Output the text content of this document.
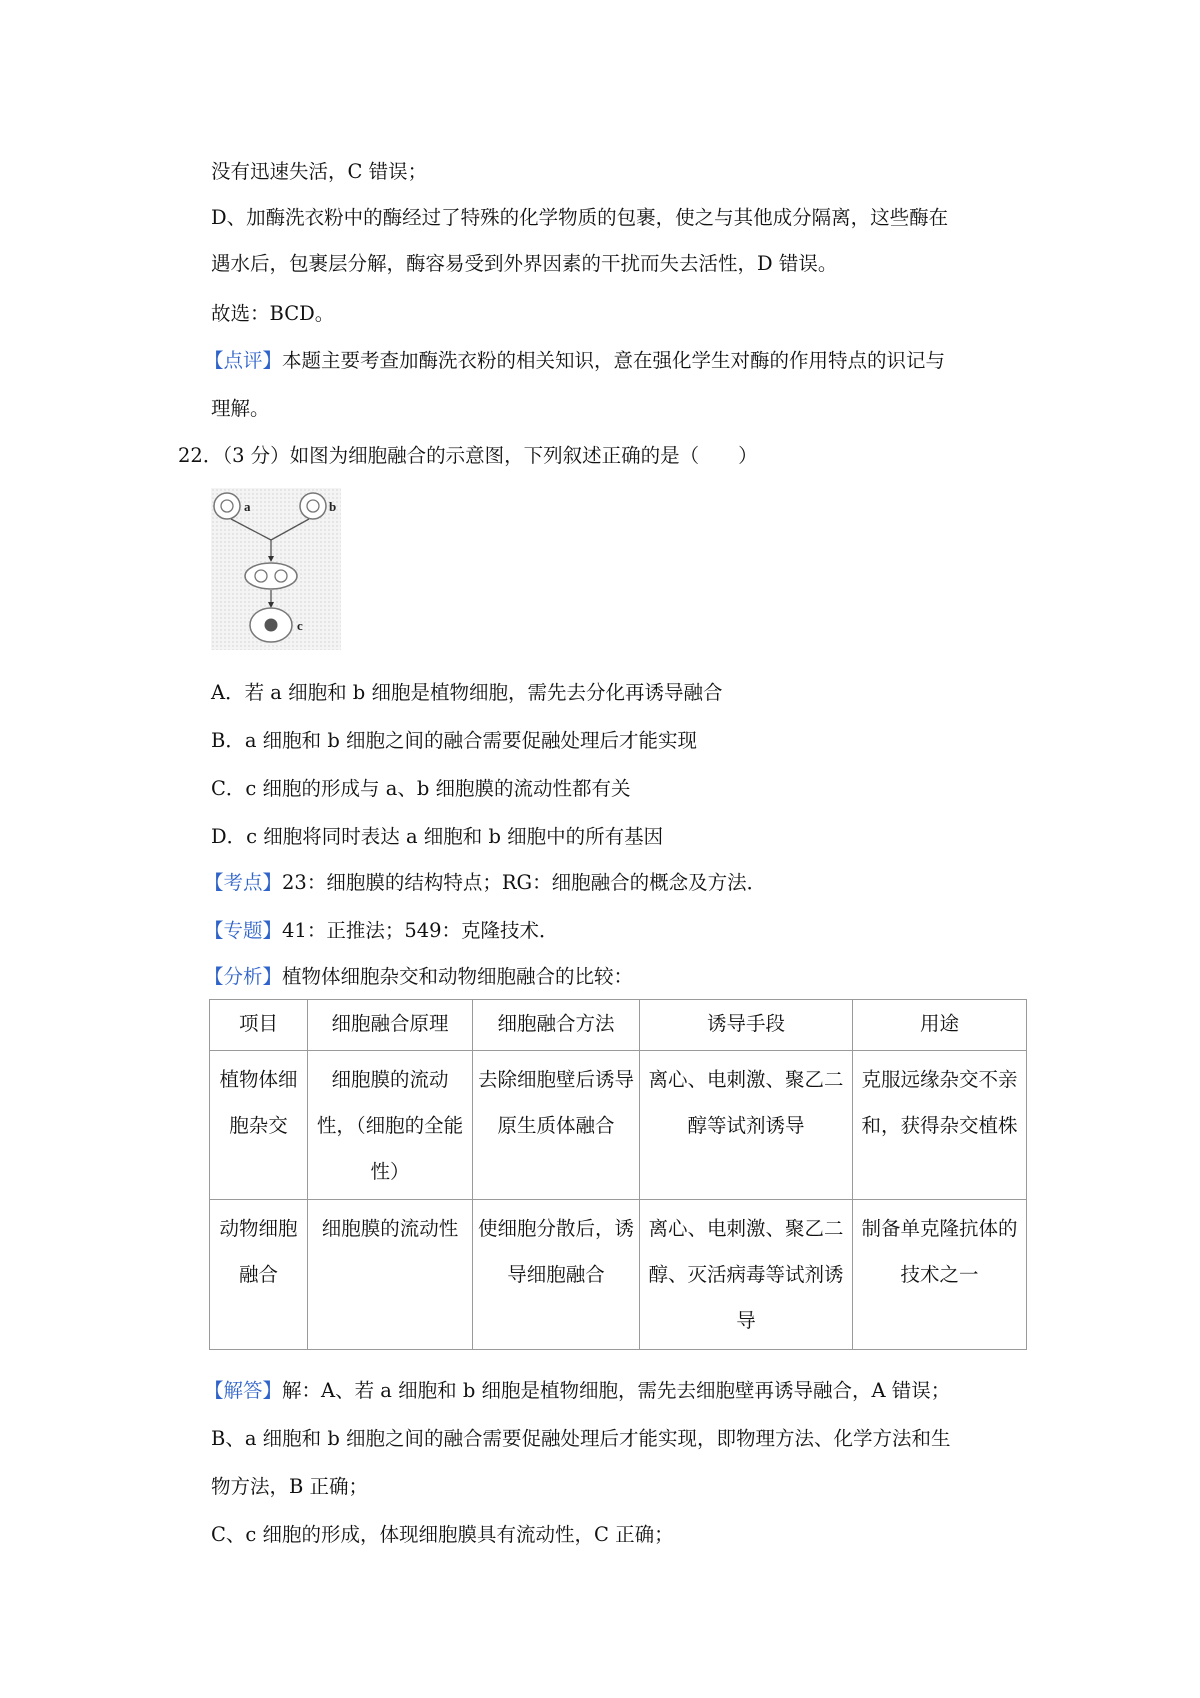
没有迅速失活，C 错误；
D、加酶洗衣粉中的酶经过了特殊的化学物质的包裹，使之与其他成分隔离，这些酶在
遇水后，包裹层分解，酶容易受到外界因素的干扰而失去活性，D 错误。
故选：BCD。
【点评】本题主要考查加酶洗衣粉的相关知识，意在强化学生对酶的作用特点的识记与
理解。
22．（3 分）如图为细胞融合的示意图，下列叙述正确的是（　　）
a	b
c
A．若 a 细胞和 b 细胞是植物细胞，需先去分化再诱导融合
B．a 细胞和 b 细胞之间的融合需要促融处理后才能实现
C．c 细胞的形成与 a、b 细胞膜的流动性都有关
D．c 细胞将同时表达 a 细胞和 b 细胞中的所有基因
【考点】23：细胞膜的结构特点；RG：细胞融合的概念及方法．
【专题】41：正推法；549：克隆技术．
【分析】植物体细胞杂交和动物细胞融合的比较：
项目	细胞融合原理	细胞融合方法	诱导手段	用途
植物体细胞杂交	细胞膜的流动性，（细胞的全能性）	去除细胞壁后诱导原生质体融合	离心、电刺激、聚乙二醇等试剂诱导	克服远缘杂交不亲和，获得杂交植株
动物细胞融合	细胞膜的流动性	使细胞分散后，诱导细胞融合	离心、电刺激、聚乙二醇、灭活病毒等试剂诱导	制备单克隆抗体的技术之一
【解答】解：A、若 a 细胞和 b 细胞是植物细胞，需先去细胞壁再诱导融合，A 错误；
B、a 细胞和 b 细胞之间的融合需要促融处理后才能实现，即物理方法、化学方法和生
物方法，B 正确；
C、c 细胞的形成，体现细胞膜具有流动性，C 正确；
